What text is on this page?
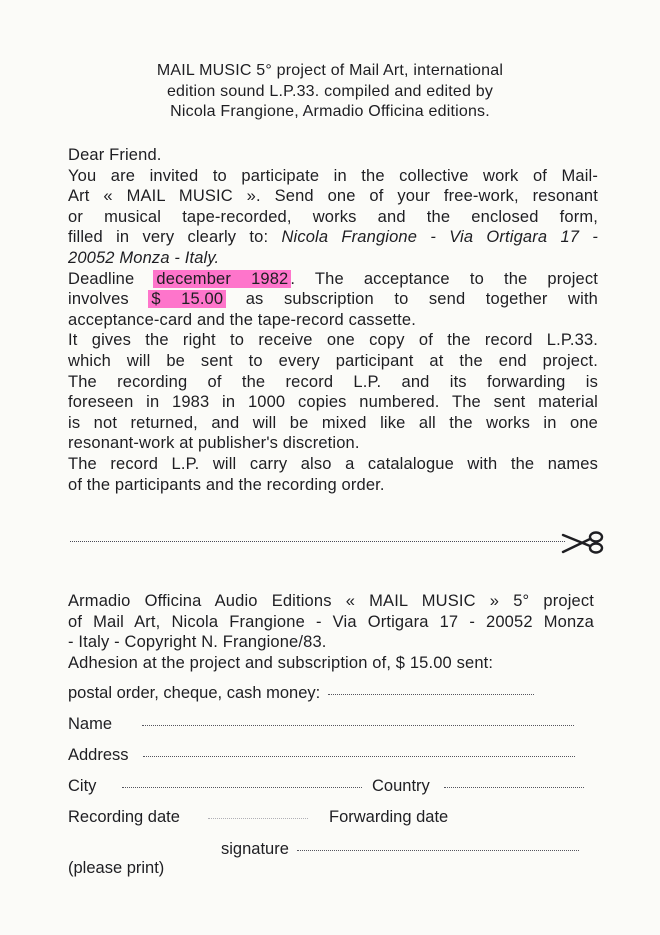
MAIL MUSIC 5° project of Mail Art, international
edition sound L.P.33. compiled and edited by
Nicola Frangione, Armadio Officina editions.
Dear Friend.
You are invited to participate in the collective work of Mail-
Art « MAIL MUSIC ». Send one of your free-work, resonant
or musical tape-recorded, works and the enclosed form,
filled in very clearly to: Nicola Frangione - Via Ortigara 17 -
20052 Monza - Italy.
Deadline december 1982 . The acceptance to the project
involves $ 15.00 as subscription to send together with
acceptance-card and the tape-record cassette.
It gives the right to receive one copy of the record L.P.33.
which will be sent to every participant at the end project.
The recording of the record L.P. and its forwarding is
foreseen in 1983 in 1000 copies numbered. The sent material
is not returned, and will be mixed like all the works in one
resonant-work at publisher's discretion.
The record L.P. will carry also a catalalogue with the names
of the participants and the recording order.
Armadio Officina Audio Editions « MAIL MUSIC » 5° project
of Mail Art, Nicola Frangione - Via Ortigara 17 - 20052 Monza
- Italy - Copyright N. Frangione/83.
Adhesion at the project and subscription of, $ 15.00 sent:
postal order, cheque, cash money:
Name
Address
City	Country
Recording date	Forwarding date
signature
(please print)
